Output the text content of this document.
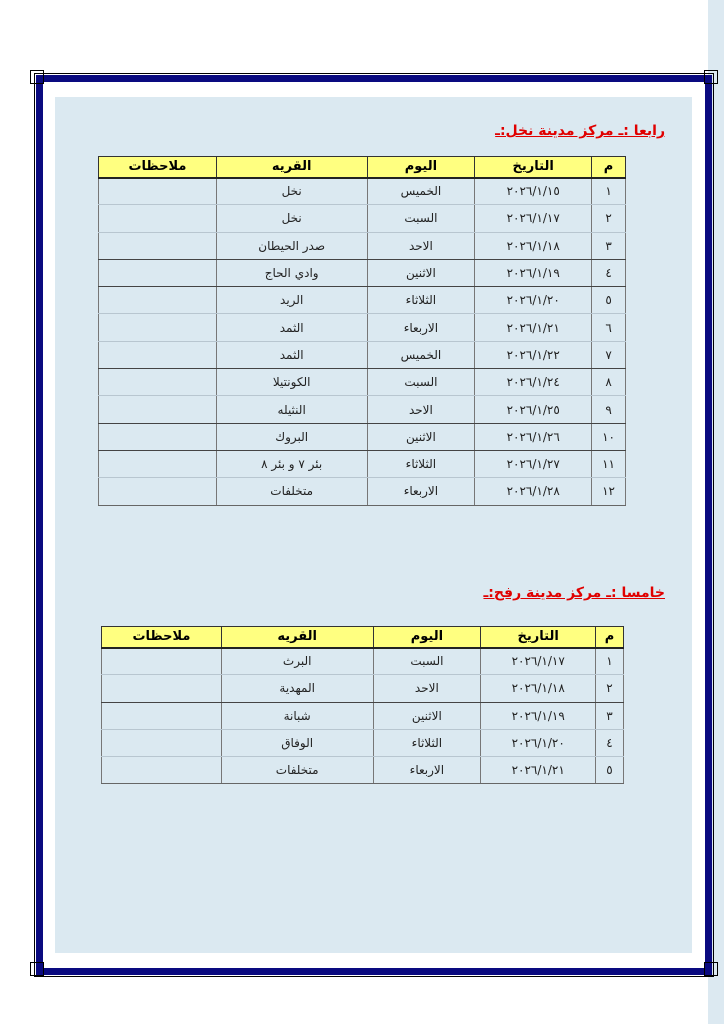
رابعا :ـ مركز مدينة نخل:ـ
م	التاريخ	اليوم	القريه	ملاحظات
١	٢٠٢٦/١/١٥	الخميس	نخل	
٢	٢٠٢٦/١/١٧	السبت	نخل	
٣	٢٠٢٦/١/١٨	الاحد	صدر الحيطان	
٤	٢٠٢٦/١/١٩	الاثنين	وادي الحاج	
٥	٢٠٢٦/١/٢٠	الثلاثاء	الريد	
٦	٢٠٢٦/١/٢١	الاربعاء	الثمد	
٧	٢٠٢٦/١/٢٢	الخميس	الثمد	
٨	٢٠٢٦/١/٢٤	السبت	الكونتيلا	
٩	٢٠٢٦/١/٢٥	الاحد	النثيله	
١٠	٢٠٢٦/١/٢٦	الاثنين	البروك	
١١	٢٠٢٦/١/٢٧	الثلاثاء	بئر ٧ و بئر ٨	
١٢	٢٠٢٦/١/٢٨	الاربعاء	متخلفات	
خامسا :ـ مركز مدينة رفح:ـ
م	التاريخ	اليوم	القريه	ملاحظات
١	٢٠٢٦/١/١٧	السبت	البرث	
٢	٢٠٢٦/١/١٨	الاحد	المهدية	
٣	٢٠٢٦/١/١٩	الاثنين	شبانة	
٤	٢٠٢٦/١/٢٠	الثلاثاء	الوفاق	
٥	٢٠٢٦/١/٢١	الاربعاء	متخلفات	
